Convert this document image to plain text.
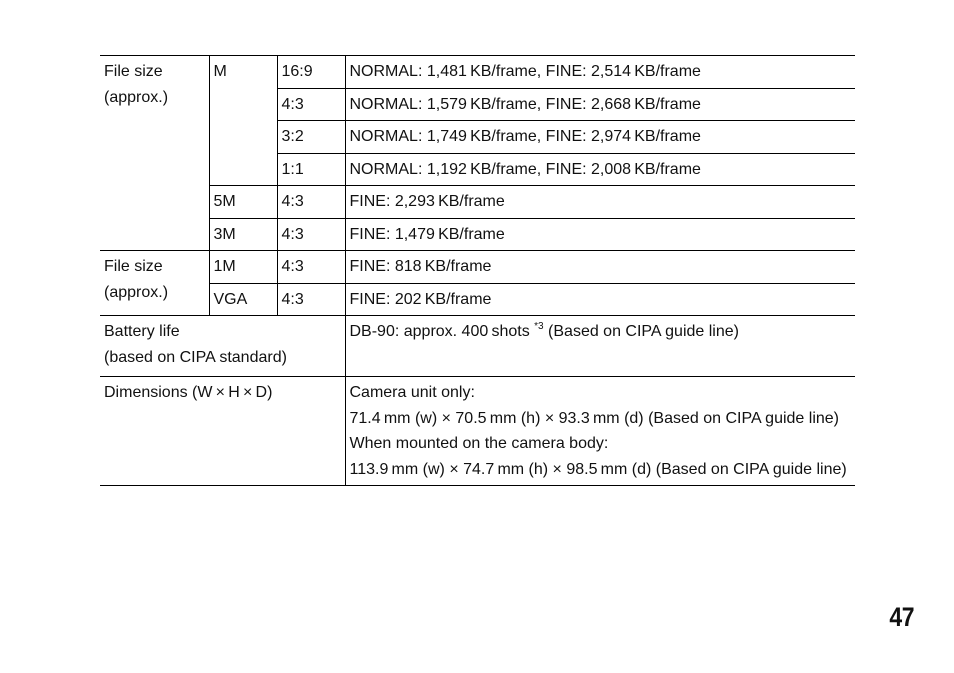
File size
(approx.)	M	16:9	NORMAL: 1,481 KB/frame, FINE: 2,514 KB/frame
		4:3	NORMAL: 1,579 KB/frame, FINE: 2,668 KB/frame
		3:2	NORMAL: 1,749 KB/frame, FINE: 2,974 KB/frame
		1:1	NORMAL: 1,192 KB/frame, FINE: 2,008 KB/frame
	5M	4:3	FINE: 2,293 KB/frame
	3M	4:3	FINE: 1,479 KB/frame

File size
(approx.)	1M	4:3	FINE: 818 KB/frame
	VGA	4:3	FINE: 202 KB/frame

Battery life
(based on CIPA standard)			DB-90: approx. 400 shots $^{*3}$ (Based on CIPA guide line)
Dimensions (W × H × D)			Camera unit only:
71.4 mm (w) × 70.5 mm (h) × 93.3 mm (d) (Based on CIPA guide line)
When mounted on the camera body:
113.9 mm (w) × 74.7 mm (h) × 98.5 mm (d) (Based on CIPA guide line)
47
